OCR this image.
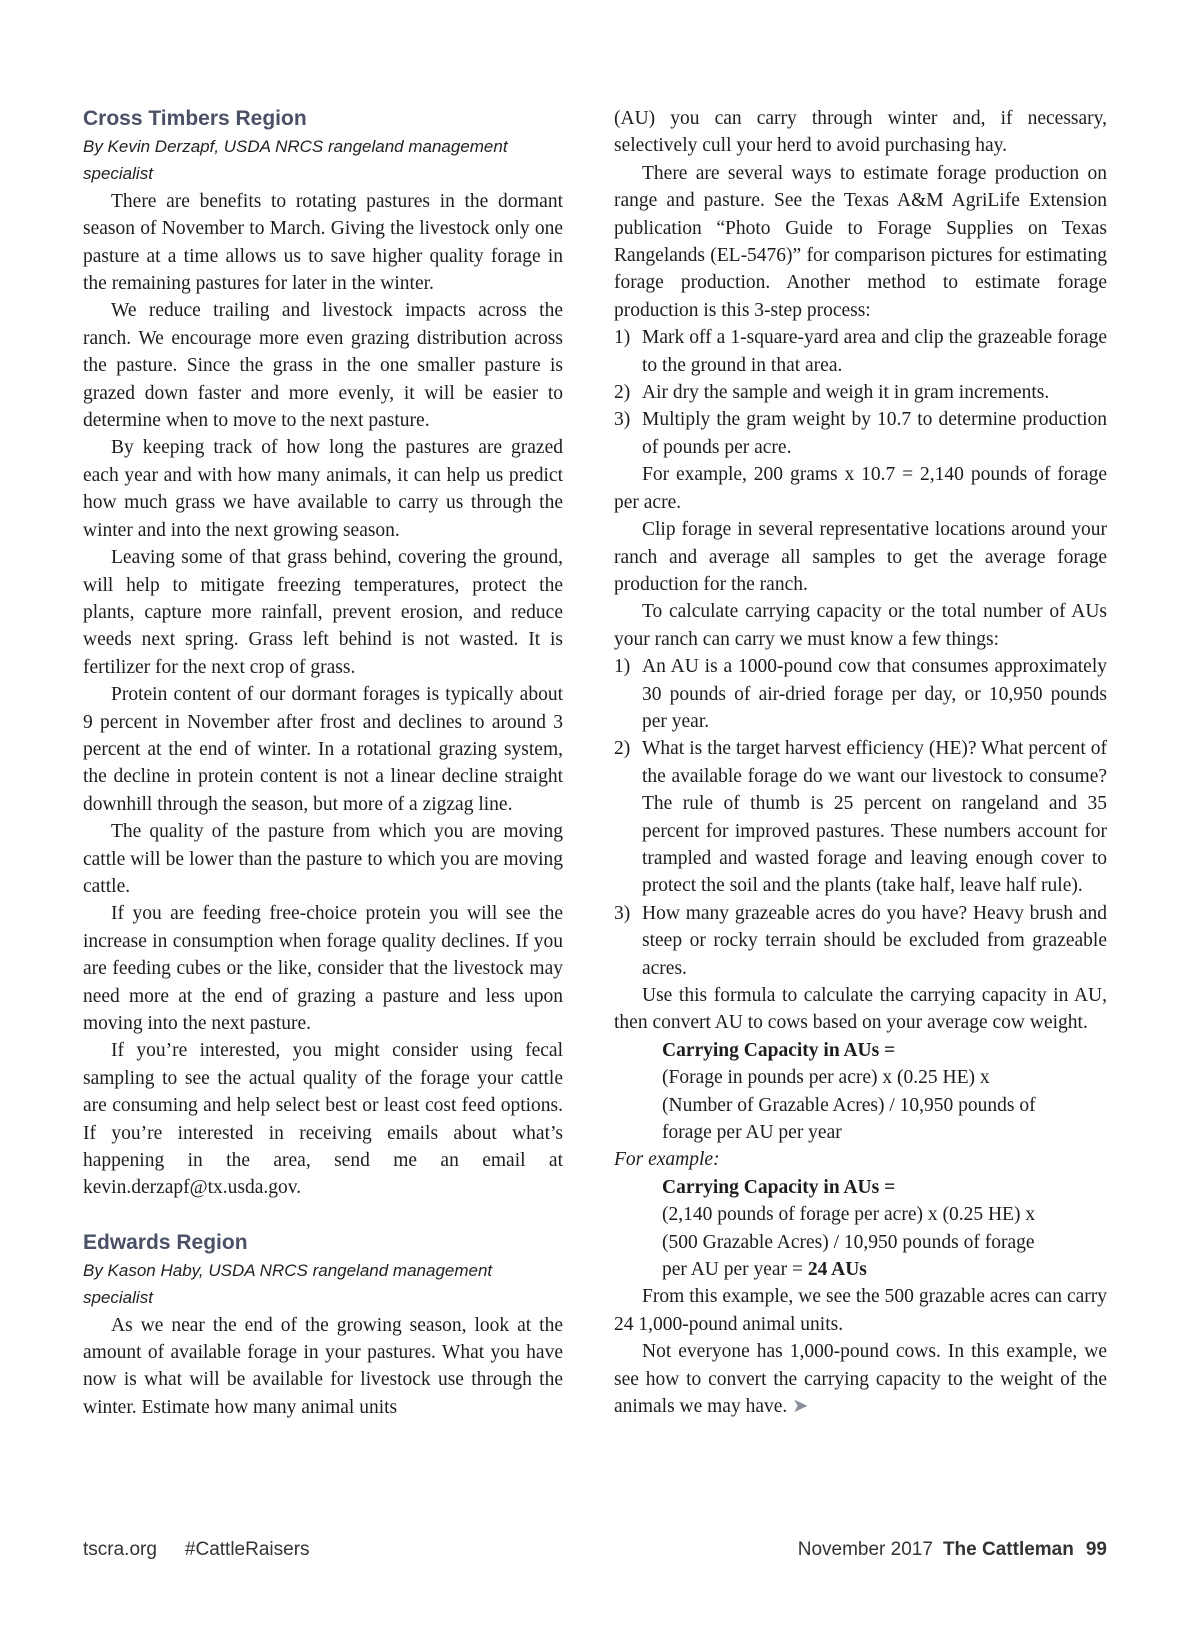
Cross Timbers Region

By Kevin Derzapf, USDA NRCS rangeland management specialist

There are benefits to rotating pastures in the dormant season of November to March. Giving the livestock only one pasture at a time allows us to save higher quality forage in the remaining pastures for later in the winter.

We reduce trailing and livestock impacts across the ranch. We encourage more even grazing distribution across the pasture. Since the grass in the one smaller pasture is grazed down faster and more evenly, it will be easier to determine when to move to the next pasture.

By keeping track of how long the pastures are grazed each year and with how many animals, it can help us predict how much grass we have available to carry us through the winter and into the next growing season.

Leaving some of that grass behind, covering the ground, will help to mitigate freezing temperatures, protect the plants, capture more rainfall, prevent erosion, and reduce weeds next spring. Grass left behind is not wasted. It is fertilizer for the next crop of grass.

Protein content of our dormant forages is typically about 9 percent in November after frost and declines to around 3 percent at the end of winter. In a rotational grazing system, the decline in protein content is not a linear decline straight downhill through the season, but more of a zigzag line.

The quality of the pasture from which you are moving cattle will be lower than the pasture to which you are moving cattle.

If you are feeding free-choice protein you will see the increase in consumption when forage quality declines. If you are feeding cubes or the like, consider that the livestock may need more at the end of grazing a pasture and less upon moving into the next pasture.

If you’re interested, you might consider using fecal sampling to see the actual quality of the forage your cattle are consuming and help select best or least cost feed options. If you’re interested in receiving emails about what’s happening in the area, send me an email at kevin.derzapf@tx.usda.gov.

Edwards Region

By Kason Haby, USDA NRCS rangeland management specialist

As we near the end of the growing season, look at the amount of available forage in your pastures. What you have now is what will be available for livestock use through the winter. Estimate how many animal units

(AU) you can carry through winter and, if necessary, selectively cull your herd to avoid purchasing hay.

There are several ways to estimate forage production on range and pasture. See the Texas A&M AgriLife Extension publication “Photo Guide to Forage Supplies on Texas Rangelands (EL-5476)” for comparison pictures for estimating forage production. Another method to estimate forage production is this 3-step process:

1) Mark off a 1-square-yard area and clip the grazeable forage to the ground in that area.
2) Air dry the sample and weigh it in gram increments.
3) Multiply the gram weight by 10.7 to determine production of pounds per acre.

For example, 200 grams x 10.7 = 2,140 pounds of forage per acre.

Clip forage in several representative locations around your ranch and average all samples to get the average forage production for the ranch.

To calculate carrying capacity or the total number of AUs your ranch can carry we must know a few things:

1) An AU is a 1000-pound cow that consumes approximately 30 pounds of air-dried forage per day, or 10,950 pounds per year.
2) What is the target harvest efficiency (HE)? What percent of the available forage do we want our livestock to consume? The rule of thumb is 25 percent on rangeland and 35 percent for improved pastures. These numbers account for trampled and wasted forage and leaving enough cover to protect the soil and the plants (take half, leave half rule).
3) How many grazeable acres do you have? Heavy brush and steep or rocky terrain should be excluded from grazeable acres.

Use this formula to calculate the carrying capacity in AU, then convert AU to cows based on your average cow weight.

Carrying Capacity in AUs =
(Forage in pounds per acre) x (0.25 HE) x
(Number of Grazable Acres) / 10,950 pounds of
forage per AU per year
For example:
Carrying Capacity in AUs =
(2,140 pounds of forage per acre) x (0.25 HE) x
(500 Grazable Acres) / 10,950 pounds of forage
per AU per year = 24 AUs

From this example, we see the 500 grazable acres can carry 24 1,000-pound animal units.

Not everyone has 1,000-pound cows. In this example, we see how to convert the carrying capacity to the weight of the animals we may have. ➤

tscra.org #CattleRaisers	November 2017 The Cattleman 99
